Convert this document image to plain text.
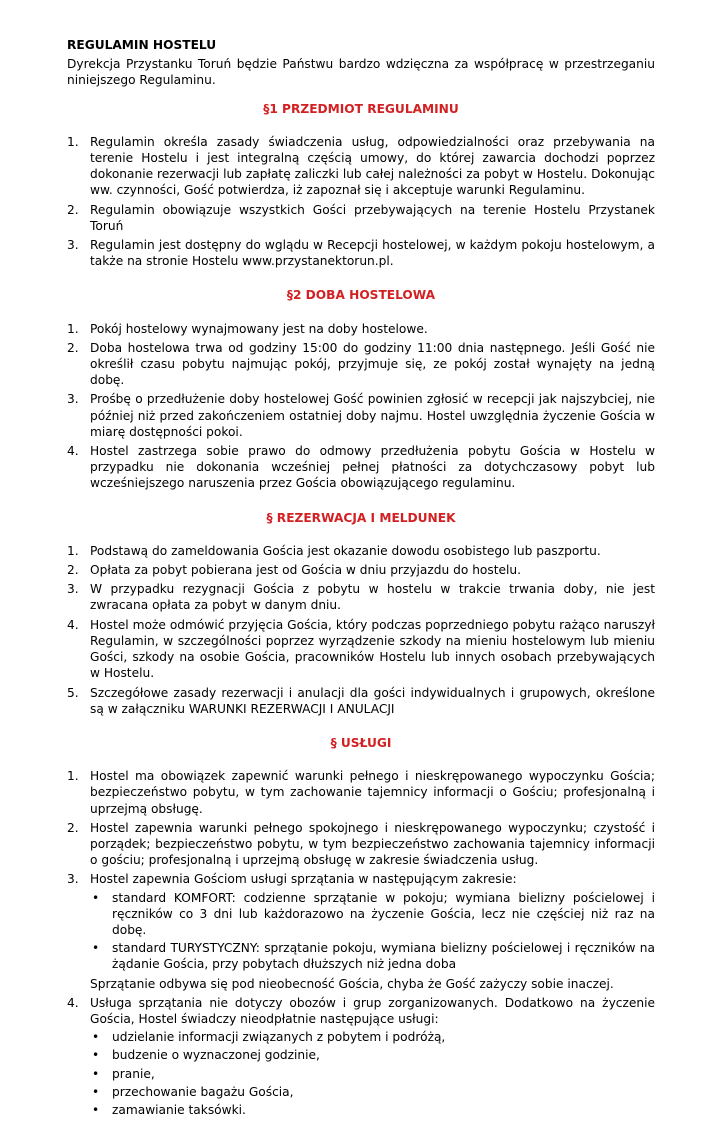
REGULAMIN HOSTELU
Dyrekcja Przystanku Toruń będzie Państwu bardzo wdzięczna za współpracę w przestrzeganiu niniejszego Regulaminu.
§1 PRZEDMIOT REGULAMINU
1. Regulamin określa zasady świadczenia usług, odpowiedzialności oraz przebywania na terenie Hostelu i jest integralną częścią umowy, do której zawarcia dochodzi poprzez dokonanie rezerwacji lub zapłatę zaliczki lub całej należności za pobyt w Hostelu. Dokonując ww. czynności, Gość potwierdza, iż zapoznał się i akceptuje warunki Regulaminu.
2. Regulamin obowiązuje wszystkich Gości przebywających na terenie Hostelu Przystanek Toruń
3. Regulamin jest dostępny do wglądu w Recepcji hostelowej, w każdym pokoju hostelowym, a także na stronie Hostelu www.przystanektorun.pl.
§2 DOBA HOSTELOWA
1. Pokój hostelowy wynajmowany jest na doby hostelowe.
2. Doba hostelowa trwa od godziny 15:00 do godziny 11:00 dnia następnego. Jeśli Gość nie określił czasu pobytu najmując pokój, przyjmuje się, ze pokój został wynajęty na jedną dobę.
3. Prośbę o przedłużenie doby hostelowej Gość powinien zgłosić w recepcji jak najszybciej, nie później niż przed zakończeniem ostatniej doby najmu. Hostel uwzględnia życzenie Gościa w miarę dostępności pokoi.
4. Hostel zastrzega sobie prawo do odmowy przedłużenia pobytu Gościa w Hostelu w przypadku nie dokonania wcześniej pełnej płatności za dotychczasowy pobyt lub wcześniejszego naruszenia przez Gościa obowiązującego regulaminu.
§ REZERWACJA I MELDUNEK
1. Podstawą do zameldowania Gościa jest okazanie dowodu osobistego lub paszportu.
2. Opłata za pobyt pobierana jest od Gościa w dniu przyjazdu do hostelu.
3. W przypadku rezygnacji Gościa z pobytu w hostelu w trakcie trwania doby, nie jest zwracana opłata za pobyt w danym dniu.
4. Hostel może odmówić przyjęcia Gościa, który podczas poprzedniego pobytu rażąco naruszył Regulamin, w szczególności poprzez wyrządzenie szkody na mieniu hostelowym lub mieniu Gości, szkody na osobie Gościa, pracowników Hostelu lub innych osobach przebywających w Hostelu.
5. Szczegółowe zasady rezerwacji i anulacji dla gości indywidualnych i grupowych, określone są w załączniku WARUNKI REZERWACJI I ANULACJI
§ USŁUGI
1. Hostel ma obowiązek zapewnić warunki pełnego i nieskrępowanego wypoczynku Gościa; bezpieczeństwo pobytu, w tym zachowanie tajemnicy informacji o Gościu; profesjonalną i uprzejmą obsługę.
2. Hostel zapewnia warunki pełnego spokojnego i nieskrępowanego wypoczynku; czystość i porządek; bezpieczeństwo pobytu, w tym bezpieczeństwo zachowania tajemnicy informacji o gościu; profesjonalną i uprzejmą obsługę w zakresie świadczenia usług.
3. Hostel zapewnia Gościom usługi sprzątania w następującym zakresie:
• standard KOMFORT: codzienne sprzątanie w pokoju; wymiana bielizny pościelowej i ręczników co 3 dni lub każdorazowo na życzenie Gościa, lecz nie częściej niż raz na dobę.
• standard TURYSTYCZNY: sprzątanie pokoju, wymiana bielizny pościelowej i ręczników na żądanie Gościa, przy pobytach dłuższych niż jedna doba
Sprzątanie odbywa się pod nieobecność Gościa, chyba że Gość zażyczy sobie inaczej.
4. Usługa sprzątania nie dotyczy obozów i grup zorganizowanych. Dodatkowo na życzenie Gościa, Hostel świadczy nieodpłatnie następujące usługi:
• udzielanie informacji związanych z pobytem i podróżą,
• budzenie o wyznaczonej godzinie,
• pranie,
• przechowanie bagażu Gościa,
• zamawianie taksówki.
